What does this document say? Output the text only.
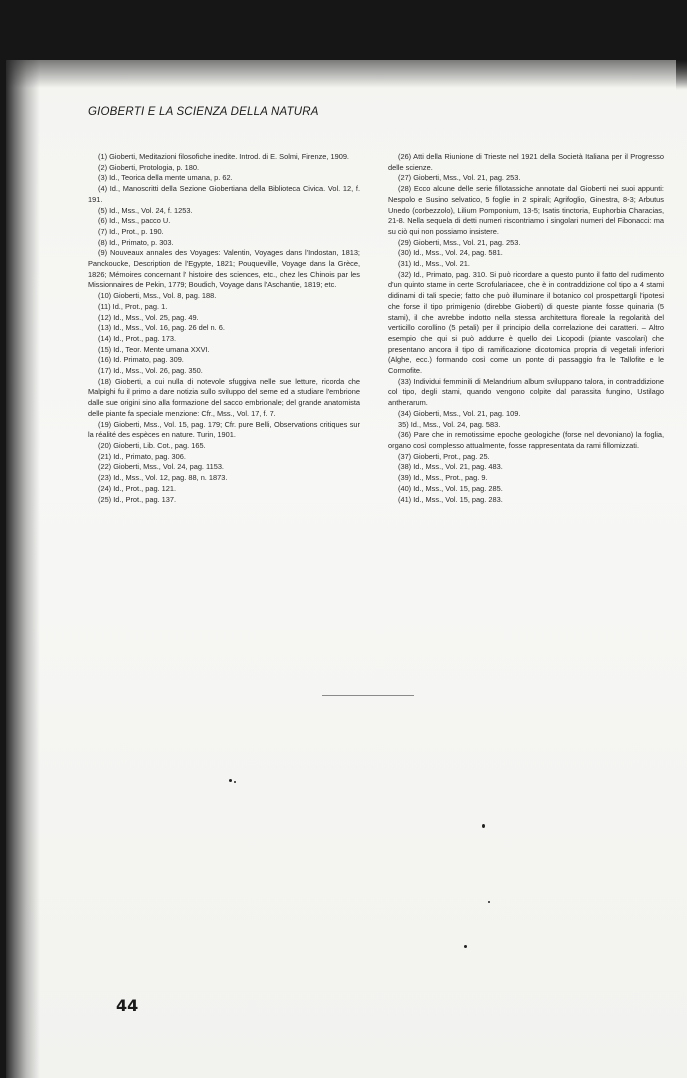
GIOBERTI E LA SCIENZA DELLA NATURA

(1) Gioberti, Meditazioni filosofiche inedite. Introd. di E. Solmi, Firenze, 1909.

(2) Gioberti, Protologia, p. 180.

(3) Id., Teorica della mente umana, p. 62.

(4) Id., Manoscritti della Sezione Giobertiana della Biblioteca Civica. Vol. 12, f. 191.

(5) Id., Mss., Vol. 24, f. 1253.

(6) Id., Mss., pacco U.

(7) Id., Prot., p. 190.

(8) Id., Primato, p. 303.

(9) Nouveaux annales des Voyages: Valentin, Voyages dans l'Indostan, 1813; Panckoucke, Description de l'Egypte, 1821; Pouqueville, Voyage dans la Grèce, 1826; Mémoires concernant l' histoire des sciences, etc., chez les Chinois par les Missionnaires de Pekin, 1779; Boudich, Voyage dans l'Aschantie, 1819; etc.

(10) Gioberti, Mss., Vol. 8, pag. 188.

(11) Id., Prot., pag. 1.

(12) Id., Mss., Vol. 25, pag. 49.

(13) Id., Mss., Vol. 16, pag. 26 del n. 6.

(14) Id., Prot., pag. 173.

(15) Id., Teor. Mente umana XXVI.

(16) Id. Primato, pag. 309.

(17) Id., Mss., Vol. 26, pag. 350.

(18) Gioberti, a cui nulla di notevole sfuggiva nelle sue letture, ricorda che Malpighi fu il primo a dare notizia sullo sviluppo del seme ed a studiare l'embrione dalle sue origini sino alla formazione del sacco embrionale; del grande anatomista delle piante fa speciale menzione: Cfr., Mss., Vol. 17, f. 7.

(19) Gioberti, Mss., Vol. 15, pag. 179; Cfr. pure Belli, Observations critiques sur la réalité des espèces en nature. Turin, 1901.

(20) Gioberti, Lib. Cot., pag. 165.

(21) Id., Primato, pag. 306.

(22) Gioberti, Mss., Vol. 24, pag. 1153.

(23) Id., Mss., Vol. 12, pag. 88, n. 1873.

(24) Id., Prot., pag. 121.

(25) Id., Prot., pag. 137.

(26) Atti della Riunione di Trieste nel 1921 della Società Italiana per il Progresso delle scienze.

(27) Gioberti, Mss., Vol. 21, pag. 253.

(28) Ecco alcune delle serie fillotassiche annotate dal Gioberti nei suoi appunti: Nespolo e Susino selvatico, 5 foglie in 2 spirali; Agrifoglio, Ginestra, 8-3; Arbutus Unedo (corbezzolo), Lilium Pomponium, 13-5; Isatis tinctoria, Euphorbia Characias, 21-8. Nella sequela di detti numeri riscontriamo i singolari numeri del Fibonacci: ma su ciò qui non possiamo insistere.

(29) Gioberti, Mss., Vol. 21, pag. 253.

(30) Id., Mss., Vol. 24, pag. 581.

(31) Id., Mss., Vol. 21.

(32) Id., Primato, pag. 310. Si può ricordare a questo punto il fatto del rudimento d'un quinto stame in certe Scrofulariacee, che è in contraddizione col tipo a 4 stami didinami di tali specie; fatto che può illuminare il botanico col prospettargli l'ipotesi che forse il tipo primigenio (direbbe Gioberti) di queste piante fosse quinaria (5 stami), il che avrebbe indotto nella stessa architettura floreale la regolarità del verticillo corollino (5 petali) per il principio della correlazione dei caratteri. – Altro esempio che qui si può addurre è quello dei Licopodi (piante vascolari) che presentano ancora il tipo di ramificazione dicotomica propria di vegetali inferiori (Alghe, ecc.) formando così come un ponte di passaggio fra le Tallofite e le Cormofite.

(33) Individui femminili di Melandrium album sviluppano talora, in contraddizione col tipo, degli stami, quando vengono colpite dal parassita fungino, Ustilago antherarum.

(34) Gioberti, Mss., Vol. 21, pag. 109.

35) Id., Mss., Vol. 24, pag. 583.

(36) Pare che in remotissime epoche geologiche (forse nel devoniano) la foglia, organo così complesso attualmente, fosse rappresentata da rami fillomizzati.

(37) Gioberti, Prot., pag. 25.

(38) Id., Mss., Vol. 21, pag. 483.

(39) Id., Mss., Prot., pag. 9.

(40) Id., Mss., Vol. 15, pag. 285.

(41) Id., Mss., Vol. 15, pag. 283.

44
